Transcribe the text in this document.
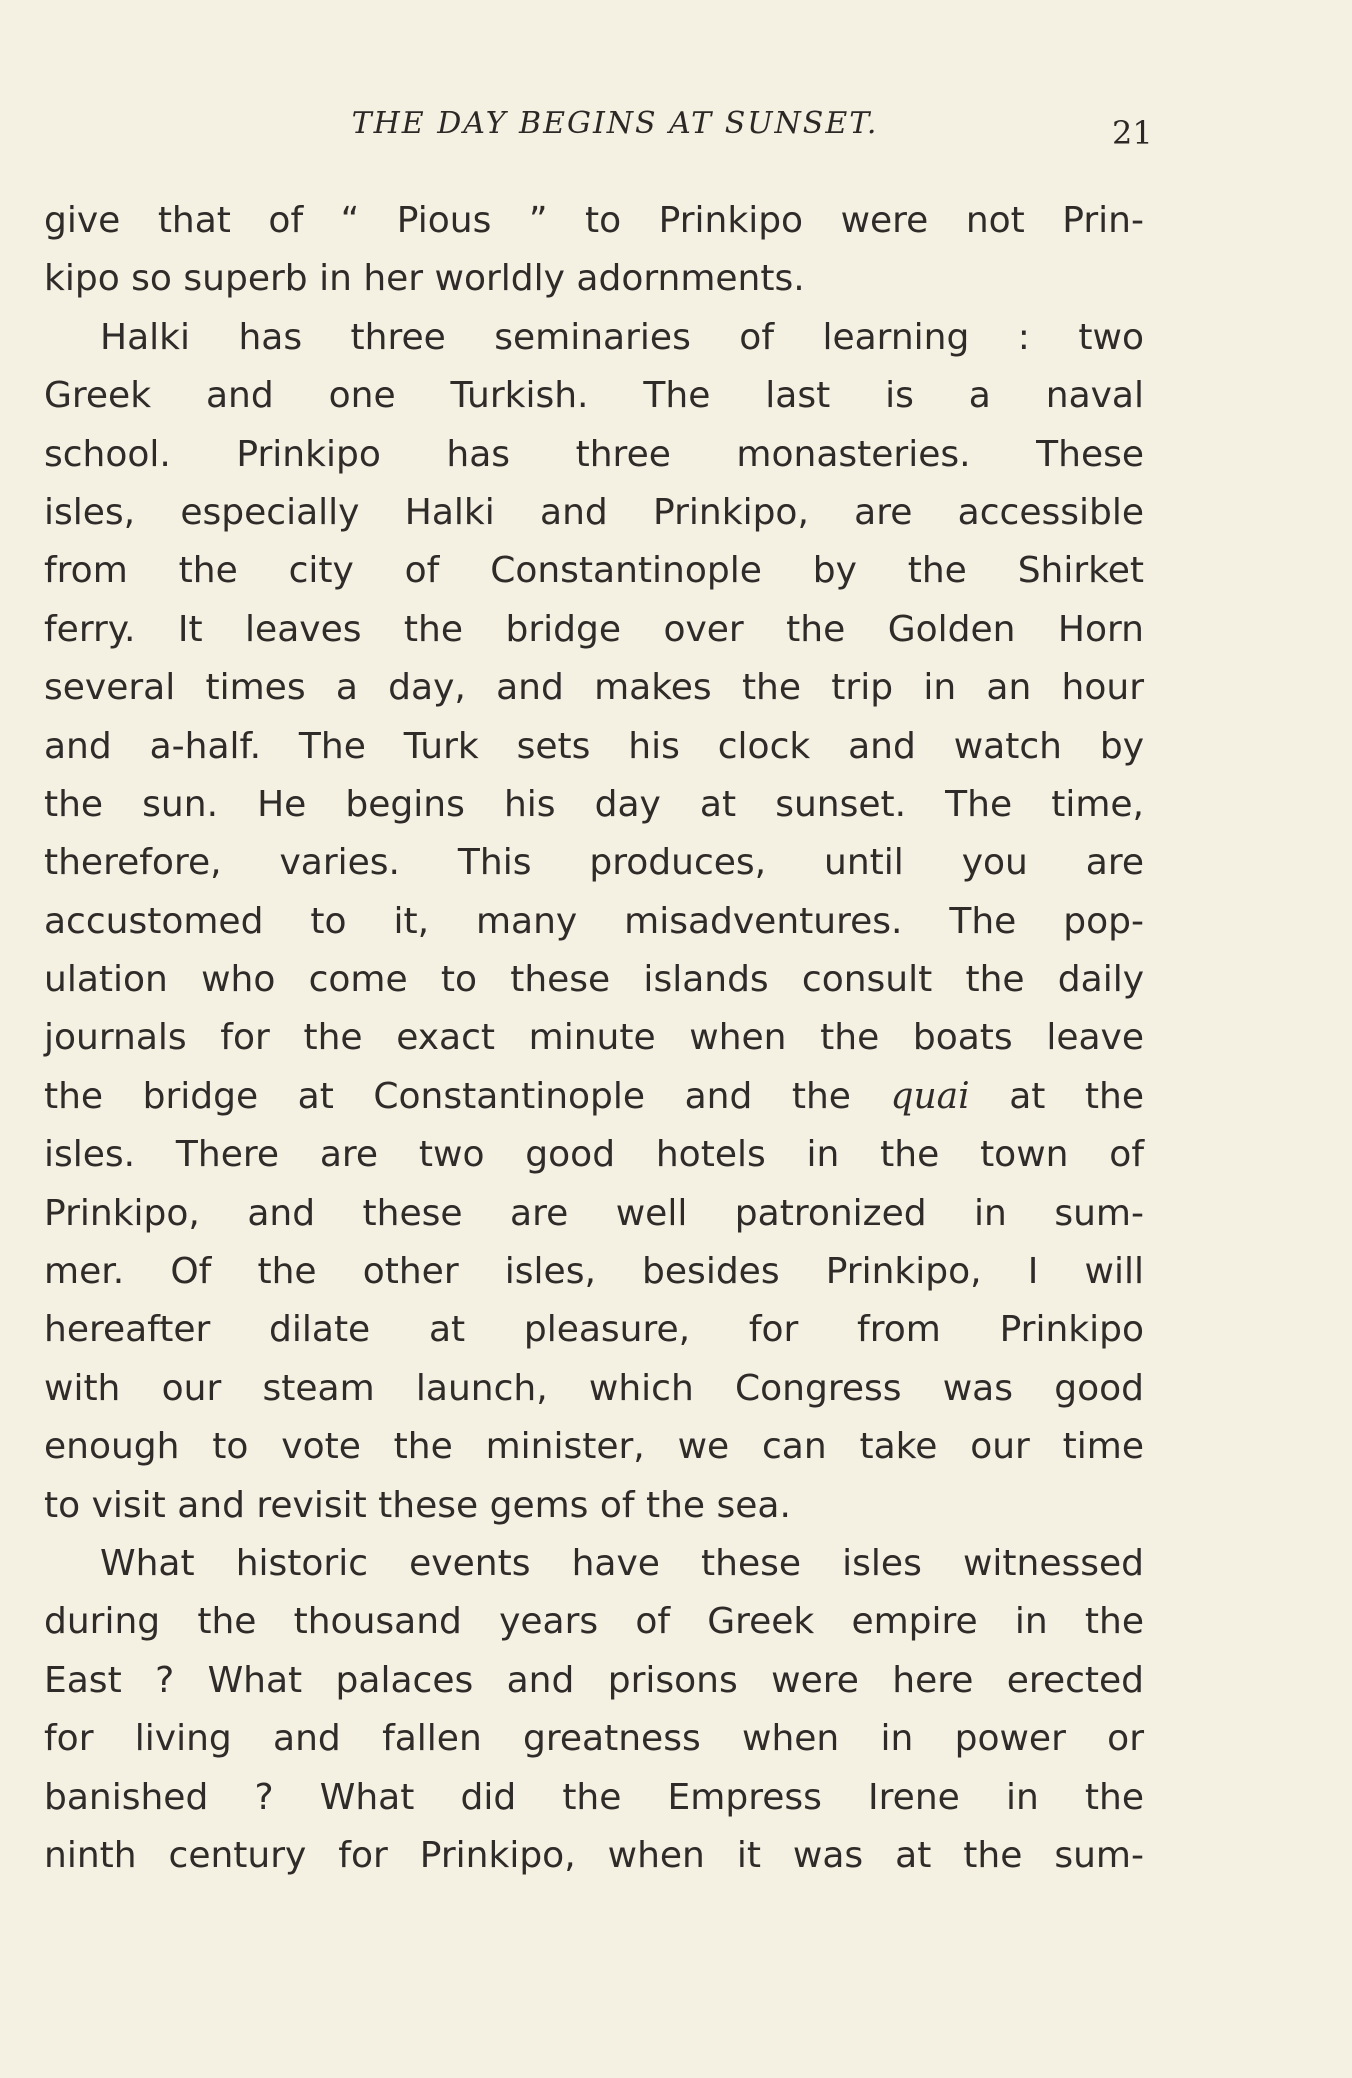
THE DAY BEGINS AT SUNSET.	21
give that of “ Pious ” to Prinkipo were not Prin-
kipo so superb in her worldly adornments.
Halki has three seminaries of learning : two
Greek and one Turkish. The last is a naval
school. Prinkipo has three monasteries. These
isles, especially Halki and Prinkipo, are accessible
from the city of Constantinople by the Shirket
ferry. It leaves the bridge over the Golden Horn
several times a day, and makes the trip in an hour
and a-half. The Turk sets his clock and watch by
the sun. He begins his day at sunset. The time,
therefore, varies. This produces, until you are
accustomed to it, many misadventures. The pop-
ulation who come to these islands consult the daily
journals for the exact minute when the boats leave
the bridge at Constantinople and the quai at the
isles. There are two good hotels in the town of
Prinkipo, and these are well patronized in sum-
mer. Of the other isles, besides Prinkipo, I will
hereafter dilate at pleasure, for from Prinkipo
with our steam launch, which Congress was good
enough to vote the minister, we can take our time
to visit and revisit these gems of the sea.
What historic events have these isles witnessed
during the thousand years of Greek empire in the
East ? What palaces and prisons were here erected
for living and fallen greatness when in power or
banished ? What did the Empress Irene in the
ninth century for Prinkipo, when it was at the sum-
